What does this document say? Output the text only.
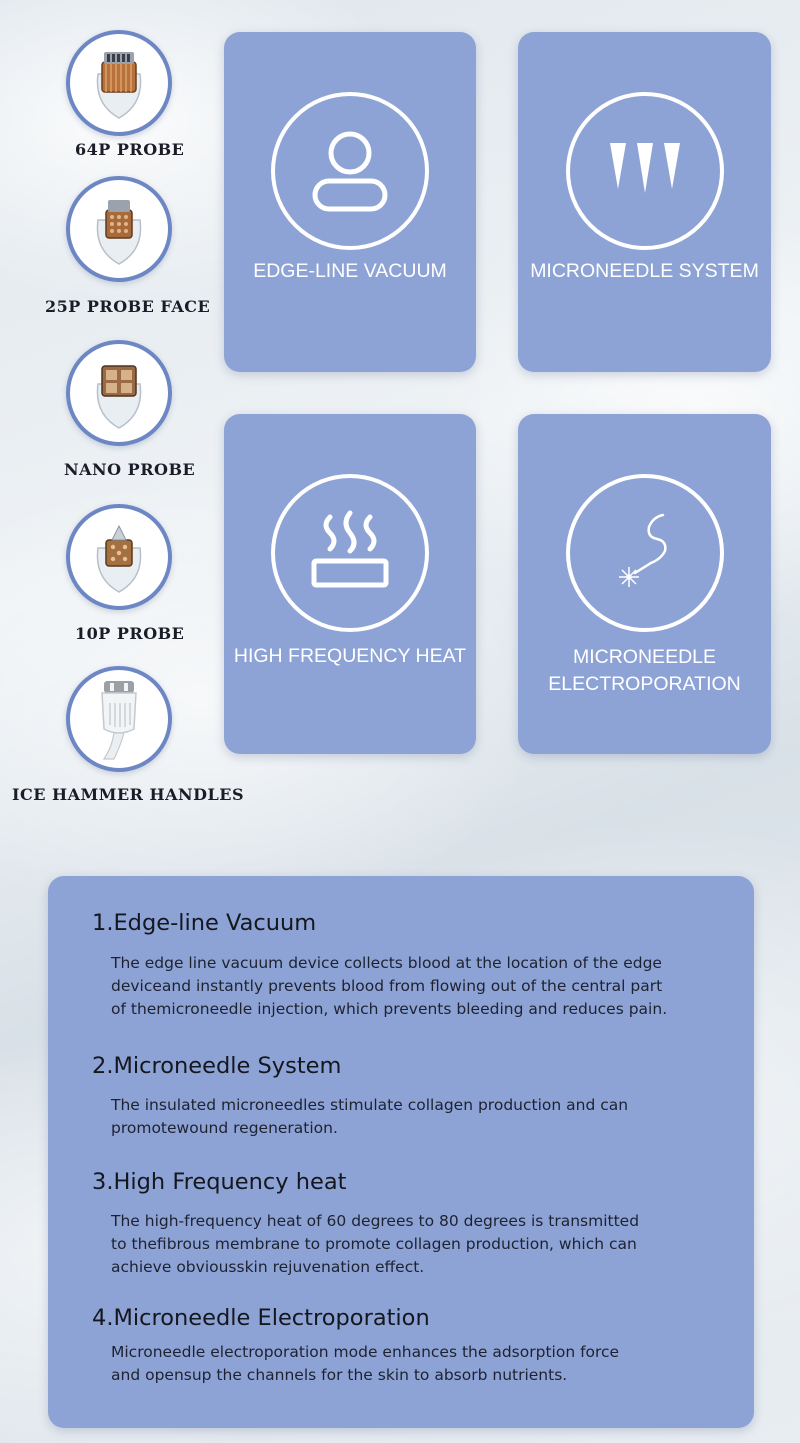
64P PROBE
25P PROBE FACE
NANO PROBE
10P PROBE
ICE HAMMER HANDLES
EDGE-LINE VACUUM	MICRONEEDLE SYSTEM
HIGH FREQUENCY HEAT	MICRONEEDLE
ELECTROPORATION
1.Edge-line Vacuum
The edge line vacuum device collects blood at the location of the edge
deviceand instantly prevents blood from flowing out of the central part
of themicroneedle injection, which prevents bleeding and reduces pain.
2.Microneedle System
The insulated microneedles stimulate collagen production and can
promotewound regeneration.
3.High Frequency heat
The high-frequency heat of 60 degrees to 80 degrees is transmitted
to thefibrous membrane to promote collagen production, which can
achieve obviousskin rejuvenation effect.
4.Microneedle Electroporation
Microneedle electroporation mode enhances the adsorption force
and opensup the channels for the skin to absorb nutrients.
